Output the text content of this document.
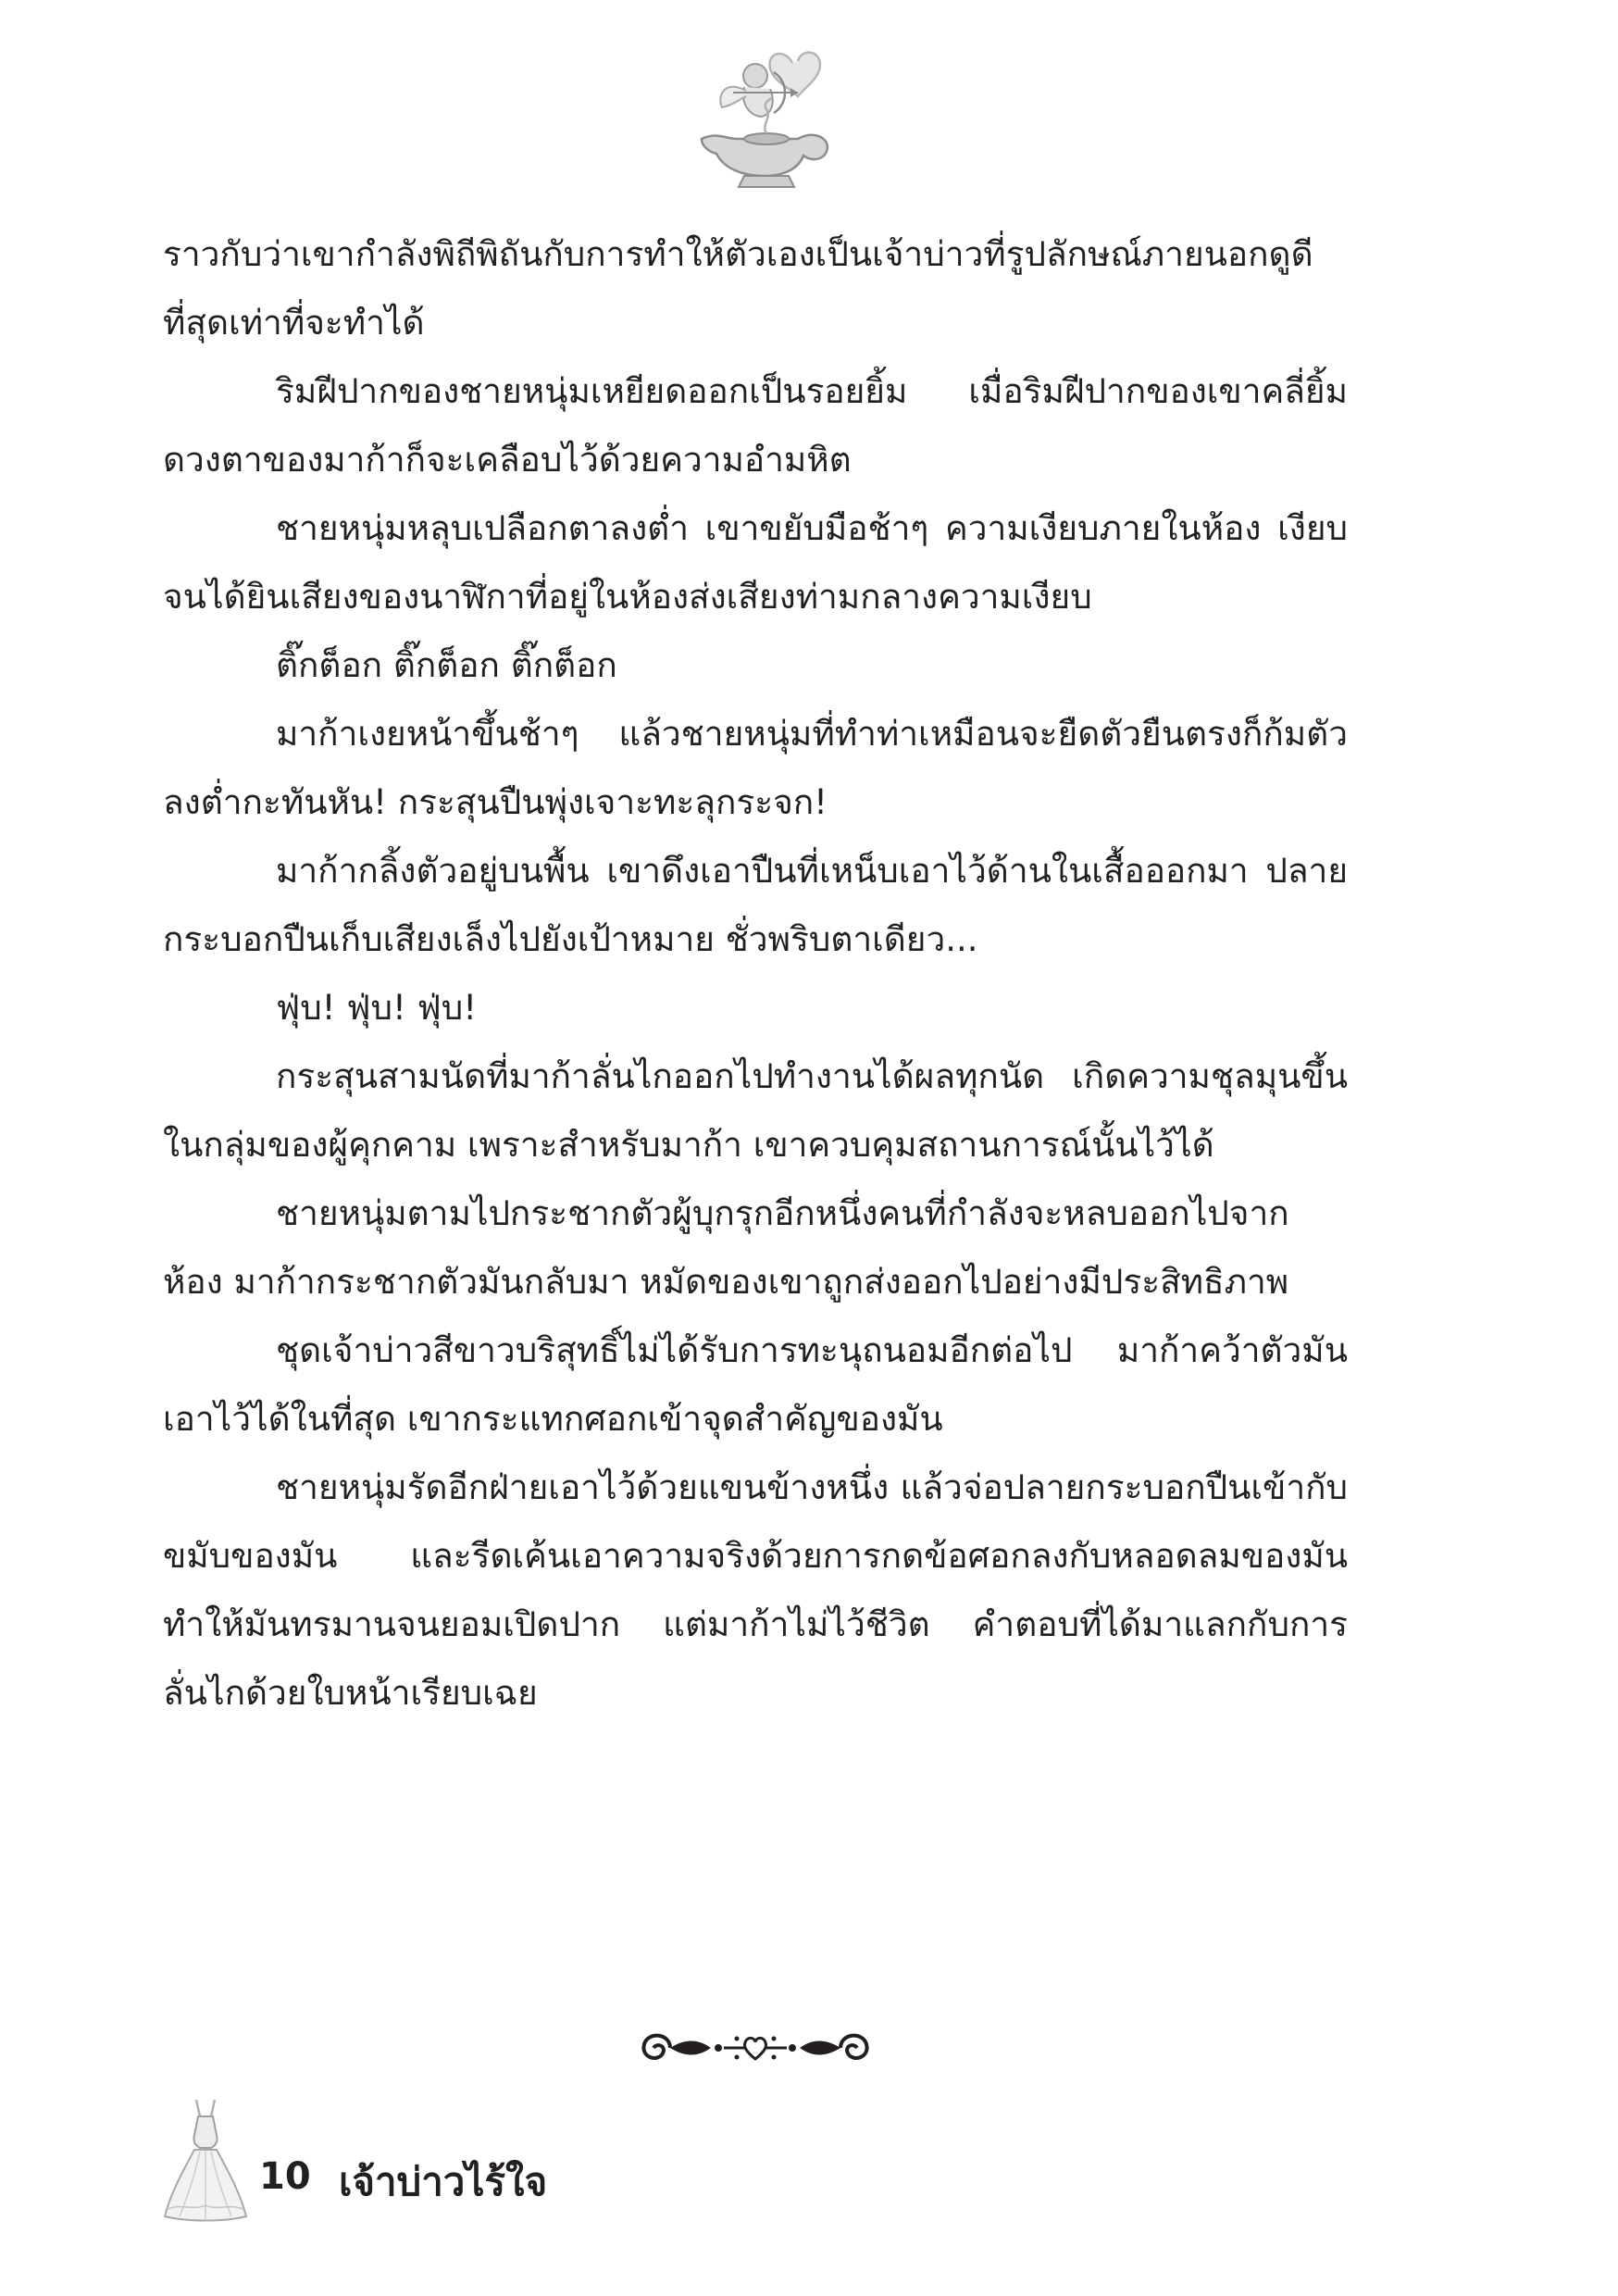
ราวกับว่าเขากำลังพิถีพิถันกับการทำให้ตัวเองเป็นเจ้าบ่าวที่รูปลักษณ์ภายนอกดูดีที่สุดเท่าที่จะทำได้

ริมฝีปากของชายหนุ่มเหยียดออกเป็นรอยยิ้ม เมื่อริมฝีปากของเขาคลี่ยิ้ม ดวงตาของมาก้าก็จะเคลือบไว้ด้วยความอำมหิต

ชายหนุ่มหลุบเปลือกตาลงต่ำ เขาขยับมือช้าๆ ความเงียบภายในห้อง เงียบจนได้ยินเสียงของนาฬิกาที่อยู่ในห้องส่งเสียงท่ามกลางความเงียบ

ติ๊กต็อก ติ๊กต็อก ติ๊กต็อก

มาก้าเงยหน้าขึ้นช้าๆ แล้วชายหนุ่มที่ทำท่าเหมือนจะยืดตัวยืนตรงก็ก้มตัวลงต่ำกะทันหัน! กระสุนปืนพุ่งเจาะทะลุกระจก!

มาก้ากลิ้งตัวอยู่บนพื้น เขาดึงเอาปืนที่เหน็บเอาไว้ด้านในเสื้อออกมา ปลายกระบอกปืนเก็บเสียงเล็งไปยังเป้าหมาย ชั่วพริบตาเดียว...

ฟุ่บ! ฟุ่บ! ฟุ่บ!

กระสุนสามนัดที่มาก้าลั่นไกออกไปทำงานได้ผลทุกนัด เกิดความชุลมุนขึ้นในกลุ่มของผู้คุกคาม เพราะสำหรับมาก้า เขาควบคุมสถานการณ์นั้นไว้ได้

ชายหนุ่มตามไปกระชากตัวผู้บุกรุกอีกหนึ่งคนที่กำลังจะหลบออกไปจากห้อง มาก้ากระชากตัวมันกลับมา หมัดของเขาถูกส่งออกไปอย่างมีประสิทธิภาพ

ชุดเจ้าบ่าวสีขาวบริสุทธิ์ไม่ได้รับการทะนุถนอมอีกต่อไป มาก้าคว้าตัวมันเอาไว้ได้ในที่สุด เขากระแทกศอกเข้าจุดสำคัญของมัน

ชายหนุ่มรัดอีกฝ่ายเอาไว้ด้วยแขนข้างหนึ่ง แล้วจ่อปลายกระบอกปืนเข้ากับขมับของมัน และรีดเค้นเอาความจริงด้วยการกดข้อศอกลงกับหลอดลมของมัน ทำให้มันทรมานจนยอมเปิดปาก แต่มาก้าไม่ไว้ชีวิต คำตอบที่ได้มาแลกกับการลั่นไกด้วยใบหน้าเรียบเฉย

10 เจ้าบ่าวไร้ใจ
